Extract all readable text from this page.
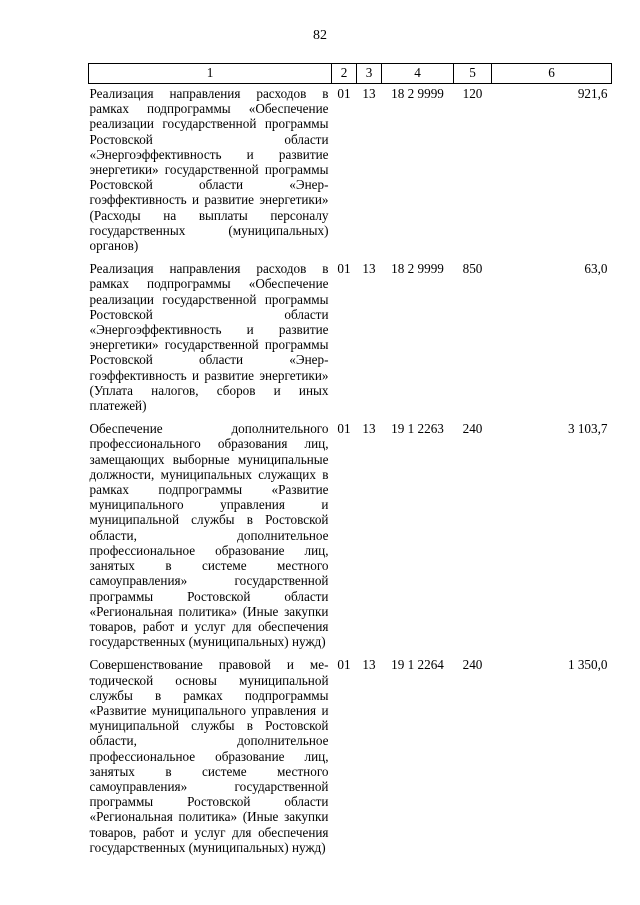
82
1	2	3	4	5	6
Реализация направления расходов в рамках подпрограммы «Обеспечение реализации государственной программы Ростовской области «Энергоэффективность и развитие энергетики» государственной программы Ростовской области «Энергоэффективность и развитие энергетики» (Расходы на выплаты персоналу государственных (муниципальных) органов)	01	13	18 2 9999	120	921,6
Реализация направления расходов в рамках подпрограммы «Обеспечение реализации государственной программы Ростовской области «Энергоэффективность и развитие энергетики» государственной программы Ростовской области «Энергоэффективность и развитие энергетики» (Уплата налогов, сборов и иных платежей)	01	13	18 2 9999	850	63,0
Обеспечение дополнительного профессионального образования лиц, замещающих выборные муниципальные должности, муниципальных служащих в рамках подпрограммы «Развитие муниципального управления и муниципальной службы в Ростовской области, дополнительное профессиональное образование лиц, занятых в системе местного самоуправления» государственной программы Ростовской области «Региональная политика» (Иные закупки товаров, работ и услуг для обеспечения государственных (муниципальных) нужд)	01	13	19 1 2263	240	3 103,7
Совершенствование правовой и методической основы муниципальной службы в рамках подпрограммы «Развитие муниципального управления и муниципальной службы в Ростовской области, дополнительное профессиональное образование лиц, занятых в системе местного самоуправления» государственной программы Ростовской области «Региональная политика» (Иные закупки товаров, работ и услуг для обеспечения государственных (муниципальных) нужд)	01	13	19 1 2264	240	1 350,0
